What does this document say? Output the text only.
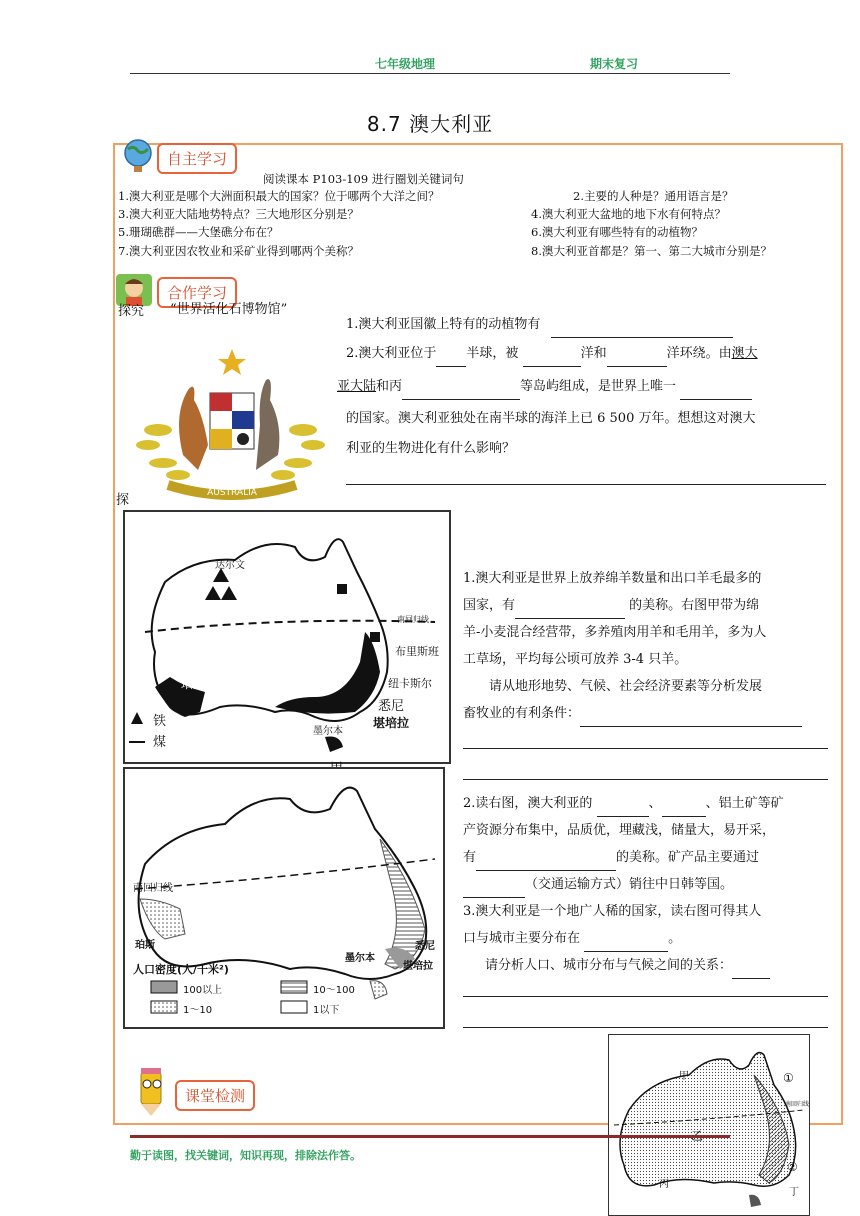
七年级地理	期末复习
8.7 澳大利亚
自主学习
阅读课本 P103-109 进行圈划关键词句
1.澳大利亚是哪个大洲面积最大的国家？位于哪两个大洋之间？	2.主要的人种是？通用语言是？
3.澳大利亚大陆地势特点？三大地形区分别是？	4.澳大利亚大盆地的地下水有何特点？
5.珊瑚礁群——大堡礁分布在？	6.澳大利亚有哪些特有的动植物？
7.澳大利亚因农牧业和采矿业得到哪两个美称？	8.澳大利亚首都是？第一、第二大城市分别是？
合作学习
探究 “世界活化石博物馆”
AUSTRALIA
1.澳大利亚国徽上特有的动植物有
2.澳大利亚位于 半球，被	洋和	洋环绕。由澳大
亚大陆和丙	等岛屿组成，是世界上唯一
的国家。澳大利亚独处在南半球的海洋上已 6 500 万年。想想这对澳大
利亚的生物进化有什么影响？
探
达尔文
南回归线
布里斯班
纽卡斯尔
珀斯
悉尼
堪培拉
墨尔本
铁
煤
1.澳大利亚是世界上放养绵羊数量和出口羊毛最多的
国家，有	的美称。右图甲带为绵
羊-小麦混合经营带，多养殖肉用羊和毛用羊，多为人
工草场，平均每公顷可放养 3-4 只羊。
请从地形地势、气候、社会经济要素等分析发展
畜牧业的有利条件：
南回归线
珀斯
墨尔本
悉尼
堪培拉
人口密度(人/千米²)
100以上	10～100
1～10	1以下
2.读右图，澳大利亚的	、	、铝土矿等矿
产资源分布集中，品质优，埋藏浅，储量大，易开采，
有	的美称。矿产品主要通过
（交通运输方式）销往中日韩等国。
3.澳大利亚是一个地广人稀的国家，读右图可得其人
口与城市主要分布在	。
请分析人口、城市分布与气候之间的关系：
课堂检测
甲
丙
丁
①
②
南回归线
勤于读图，找关键词，知识再现，排除法作答。
